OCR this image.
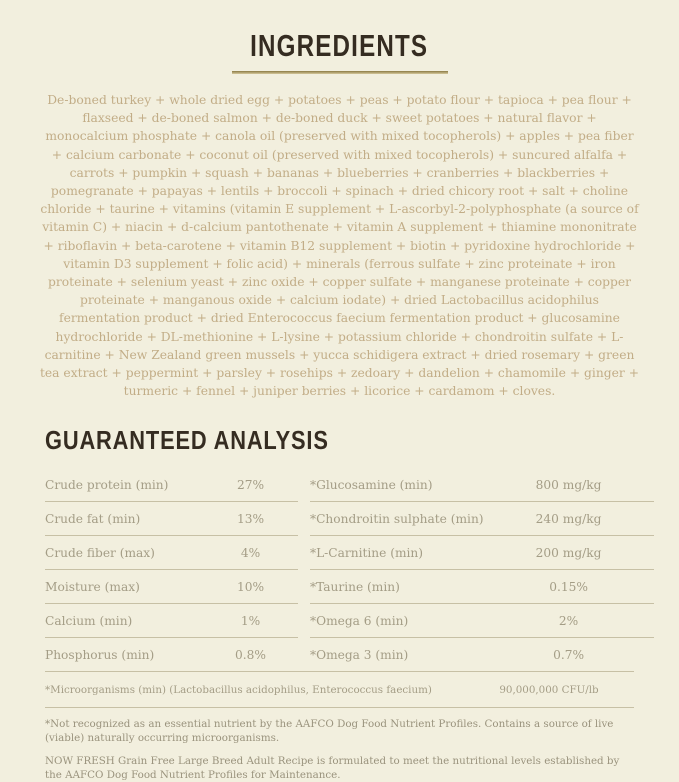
INGREDIENTS

De-boned turkey + whole dried egg + potatoes + peas + potato flour + tapioca + pea flour + flaxseed + de-boned salmon + de-boned duck + sweet potatoes + natural flavor + monocalcium phosphate + canola oil (preserved with mixed tocopherols) + apples + pea fiber + calcium carbonate + coconut oil (preserved with mixed tocopherols) + suncured alfalfa + carrots + pumpkin + squash + bananas + blueberries + cranberries + blackberries + pomegranate + papayas + lentils + broccoli + spinach + dried chicory root + salt + choline chloride + taurine + vitamins (vitamin E supplement + L-ascorbyl-2-polyphosphate (a source of vitamin C) + niacin + d-calcium pantothenate + vitamin A supplement + thiamine mononitrate + riboflavin + beta-carotene + vitamin B12 supplement + biotin + pyridoxine hydrochloride + vitamin D3 supplement + folic acid) + minerals (ferrous sulfate + zinc proteinate + iron proteinate + selenium yeast + zinc oxide + copper sulfate + manganese proteinate + copper proteinate + manganous oxide + calcium iodate) + dried Lactobacillus acidophilus fermentation product + dried Enterococcus faecium fermentation product + glucosamine hydrochloride + DL-methionine + L-lysine + potassium chloride + chondroitin sulfate + L-carnitine + New Zealand green mussels + yucca schidigera extract + dried rosemary + green tea extract + peppermint + parsley + rosehips + zedoary + dandelion + chamomile + ginger + turmeric + fennel + juniper berries + licorice + cardamom + cloves.

GUARANTEED ANALYSIS
Crude protein (min)	27%
Crude fat (min)	13%
Crude fiber (max)	4%
Moisture (max)	10%
Calcium (min)	1%
Phosphorus (min)	0.8%
*Glucosamine (min)	800 mg/kg
*Chondroitin sulphate (min)	240 mg/kg
*L-Carnitine (min)	200 mg/kg
*Taurine (min)	0.15%
*Omega 6 (min)	2%
*Omega 3 (min)	0.7%
*Microorganisms (min) (Lactobacillus acidophilus, Enterococcus faecium)	90,000,000 CFU/lb

*Not recognized as an essential nutrient by the AAFCO Dog Food Nutrient Profiles. Contains a source of live (viable) naturally occurring microorganisms.

NOW FRESH Grain Free Large Breed Adult Recipe is formulated to meet the nutritional levels established by the AAFCO Dog Food Nutrient Profiles for Maintenance.
